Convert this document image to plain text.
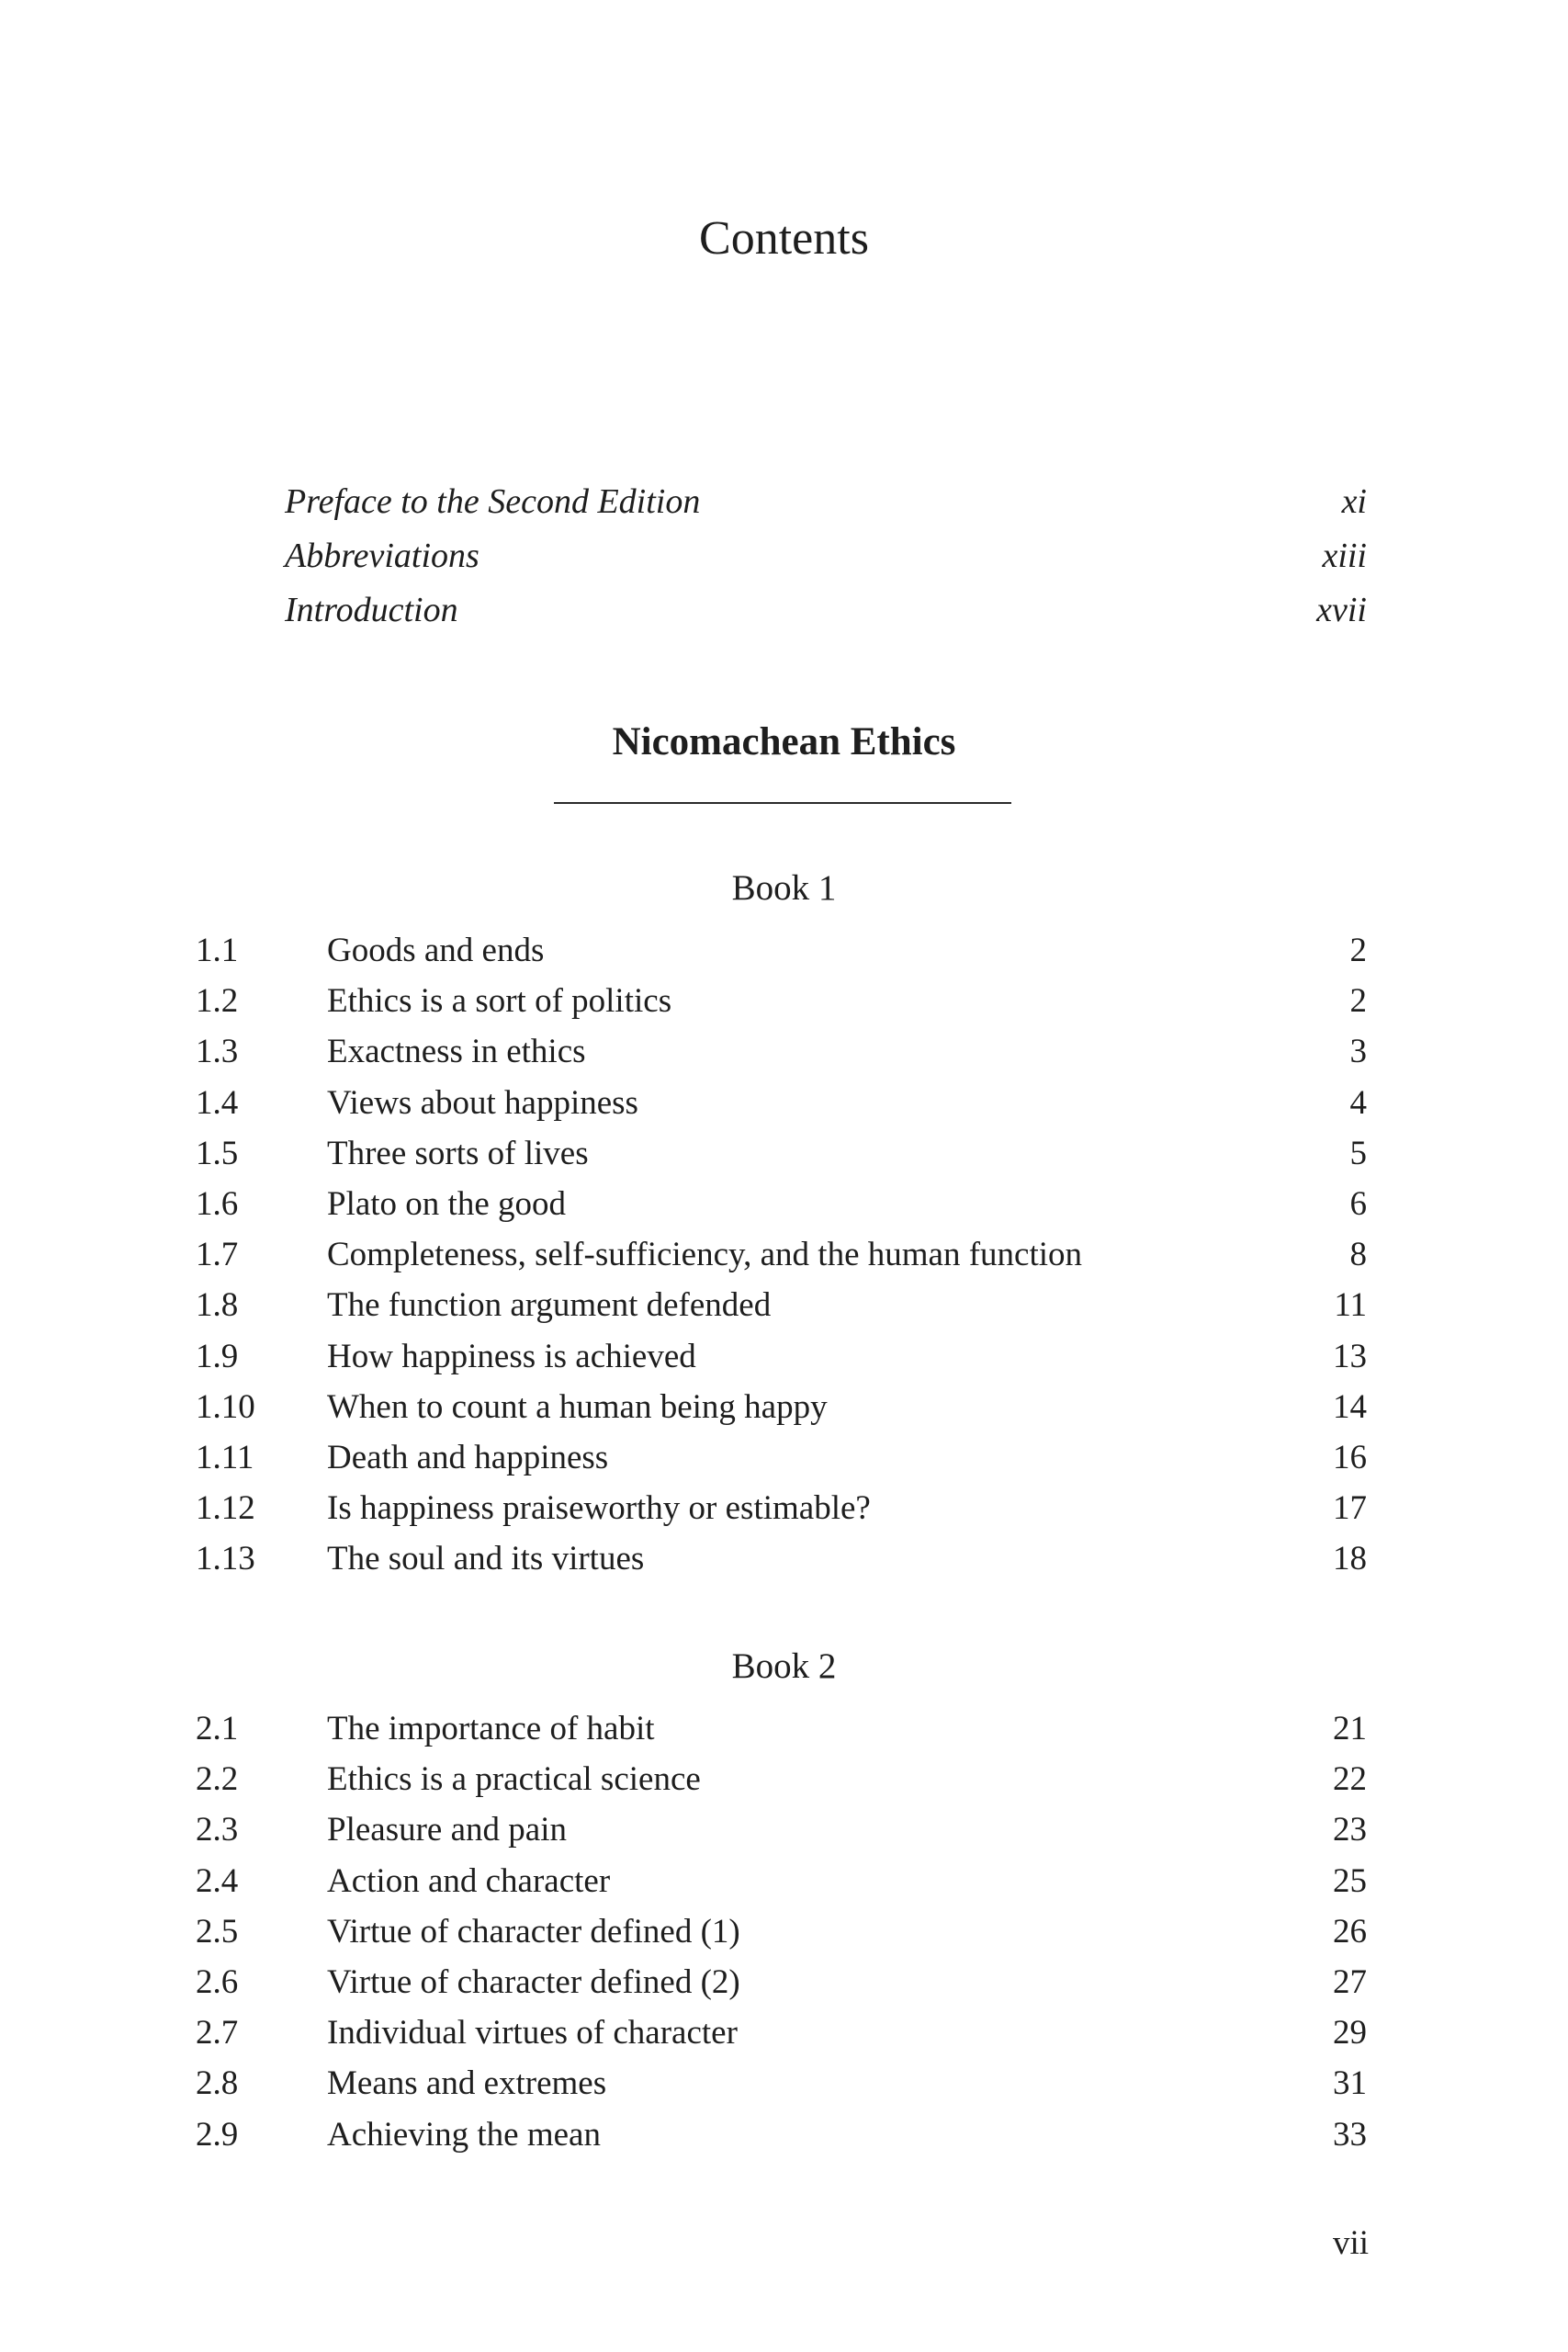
Contents
Preface to the Second Edition	xi
Abbreviations	xiii
Introduction	xvii
Nicomachean Ethics
Book 1
1.1	Goods and ends	2
1.2	Ethics is a sort of politics	2
1.3	Exactness in ethics	3
1.4	Views about happiness	4
1.5	Three sorts of lives	5
1.6	Plato on the good	6
1.7	Completeness, self-sufficiency, and the human function	8
1.8	The function argument defended	11
1.9	How happiness is achieved	13
1.10 When to count a human being happy	14
1.11 Death and happiness	16
1.12 Is happiness praiseworthy or estimable?	17
1.13 The soul and its virtues	18
Book 2
2.1	The importance of habit	21
2.2	Ethics is a practical science	22
2.3	Pleasure and pain	23
2.4	Action and character	25
2.5	Virtue of character defined (1)	26
2.6	Virtue of character defined (2)	27
2.7	Individual virtues of character	29
2.8	Means and extremes	31
2.9	Achieving the mean	33
vii
